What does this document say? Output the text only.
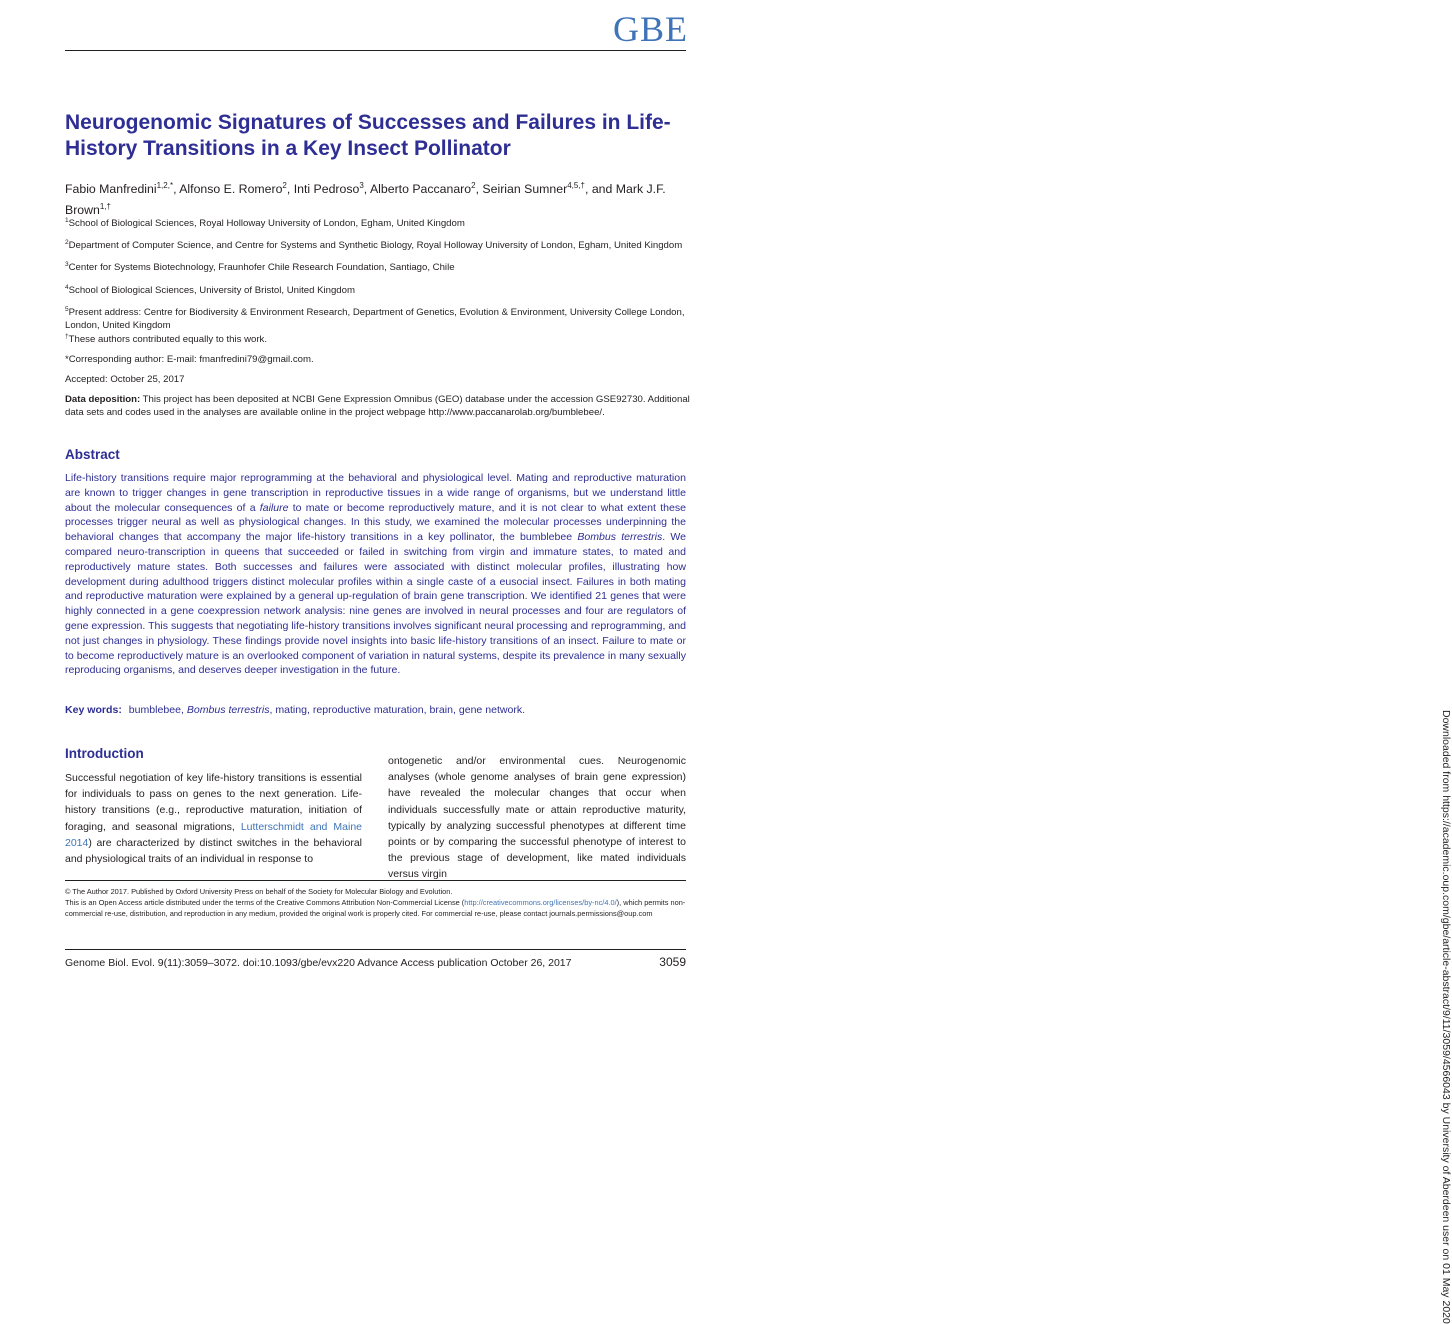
GBE
Neurogenomic Signatures of Successes and Failures in Life-History Transitions in a Key Insect Pollinator
Fabio Manfredini$^{1,2,*}$, Alfonso E. Romero$^2$, Inti Pedroso$^3$, Alberto Paccanaro$^2$, Seirian Sumner$^{4,5,\dagger}$, and Mark J.F. Brown$^{1,\dagger}$

$^1$School of Biological Sciences, Royal Holloway University of London, Egham, United Kingdom

$^2$Department of Computer Science, and Centre for Systems and Synthetic Biology, Royal Holloway University of London, Egham, United Kingdom

$^3$Center for Systems Biotechnology, Fraunhofer Chile Research Foundation, Santiago, Chile

$^4$School of Biological Sciences, University of Bristol, United Kingdom

$^5$Present address: Centre for Biodiversity & Environment Research, Department of Genetics, Evolution & Environment, University College London, London, United Kingdom

†These authors contributed equally to this work.

*Corresponding author: E-mail: fmanfredini79@gmail.com.

Accepted: October 25, 2017

Data deposition: This project has been deposited at NCBI Gene Expression Omnibus (GEO) database under the accession GSE92730. Additional data sets and codes used in the analyses are available online in the project webpage http://www.paccanarolab.org/bumblebee/.

Abstract

Life-history transitions require major reprogramming at the behavioral and physiological level. Mating and reproductive maturation are known to trigger changes in gene transcription in reproductive tissues in a wide range of organisms, but we understand little about the molecular consequences of a failure to mate or become reproductively mature, and it is not clear to what extent these processes trigger neural as well as physiological changes. In this study, we examined the molecular processes underpinning the behavioral changes that accompany the major life-history transitions in a key pollinator, the bumblebee Bombus terrestris. We compared neuro-transcription in queens that succeeded or failed in switching from virgin and immature states, to mated and reproductively mature states. Both successes and failures were associated with distinct molecular profiles, illustrating how development during adulthood triggers distinct molecular profiles within a single caste of a eusocial insect. Failures in both mating and reproductive maturation were explained by a general up-regulation of brain gene transcription. We identified 21 genes that were highly connected in a gene coexpression network analysis: nine genes are involved in neural processes and four are regulators of gene expression. This suggests that negotiating life-history transitions involves significant neural processing and reprogramming, and not just changes in physiology. These findings provide novel insights into basic life-history transitions of an insect. Failure to mate or to become reproductively mature is an overlooked component of variation in natural systems, despite its prevalence in many sexually reproducing organisms, and deserves deeper investigation in the future.

Key words: bumblebee, Bombus terrestris, mating, reproductive maturation, brain, gene network.
Introduction

Successful negotiation of key life-history transitions is essential for individuals to pass on genes to the next generation. Life-history transitions (e.g., reproductive maturation, initiation of foraging, and seasonal migrations, Lutterschmidt and Maine 2014) are characterized by distinct switches in the behavioral and physiological traits of an individual in response to

ontogenetic and/or environmental cues. Neurogenomic analyses (whole genome analyses of brain gene expression) have revealed the molecular changes that occur when individuals successfully mate or attain reproductive maturity, typically by analyzing successful phenotypes at different time points or by comparing the successful phenotype of interest to the previous stage of development, like mated individuals versus virgin

© The Author 2017. Published by Oxford University Press on behalf of the Society for Molecular Biology and Evolution.

This is an Open Access article distributed under the terms of the Creative Commons Attribution Non-Commercial License (http://creativecommons.org/licenses/by-nc/4.0/), which permits non-commercial re-use, distribution, and reproduction in any medium, provided the original work is properly cited. For commercial re-use, please contact journals.permissions@oup.com

Genome Biol. Evol. 9(11):3059–3072. doi:10.1093/gbe/evx220 Advance Access publication October 26, 2017	3059	Downloaded from https://academic.oup.com/gbe/article-abstract/9/11/3059/4566043 by University of Aberdeen user on 01 May 2020
